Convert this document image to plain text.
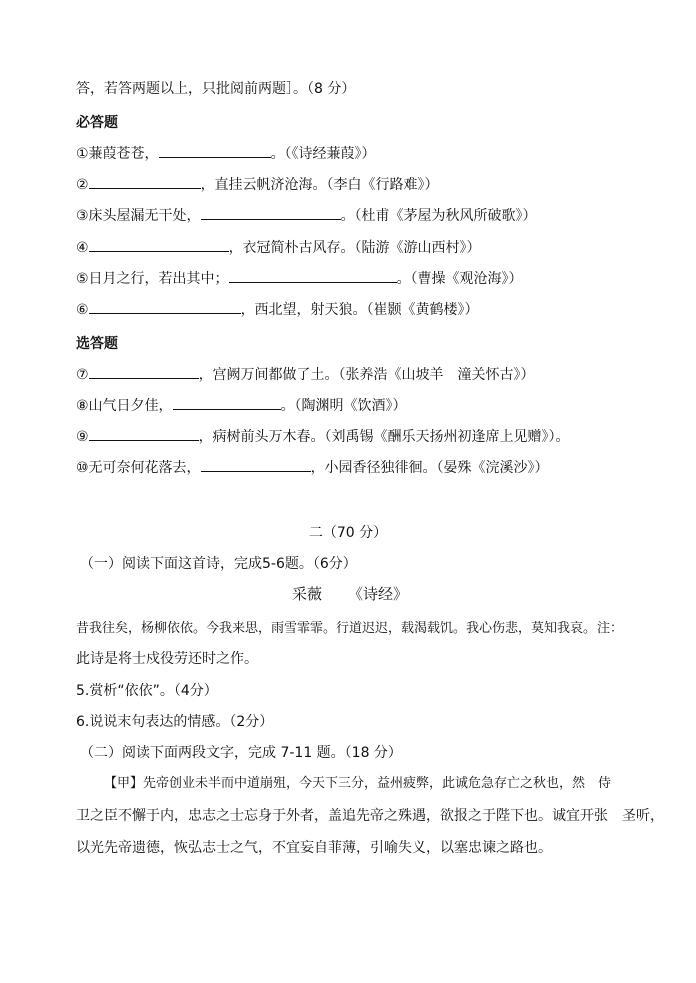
答，若答两题以上，只批阅前两题］。（8 分）
必答题
①蒹葭苍苍，	。（《诗经蒹葭》）
②	，直挂云帆济沧海。（李白《行路难》）
③床头屋漏无干处，	。（杜甫《茅屋为秋风所破歌》）
④	，衣冠简朴古风存。（陆游《游山西村》）
⑤日月之行，若出其中；	。（曹操《观沧海》）
⑥	，西北望，射天狼。（崔颢《黄鹤楼》）
选答题
⑦	，宫阙万间都做了土。（张养浩《山坡羊　潼关怀古》）
⑧山气日夕佳，	。（陶渊明《饮酒》）
⑨	，病树前头万木春。（刘禹锡《酬乐天扬州初逢席上见赠》）。
⑩无可奈何花落去，	，小园香径独徘徊。（晏殊《浣溪沙》）
二（70 分）
（一）阅读下面这首诗，完成5-6题。（6分）
采薇 《诗经》
昔我往矣，杨柳依依。今我来思，雨雪霏霏。行道迟迟，载渴载饥。我心伤悲，莫知我哀。 注：
此诗是将士戍役劳还时之作。
5.赏析“依依”。（4分）
6.说说末句表达的情感。（2分）
（二）阅读下面两段文字，完成 7-11 题。（18 分）
【甲】先帝创业未半而中道崩殂，今天下三分，益州疲弊，此诚危急存亡之秋也，然　侍
卫之臣不懈于内，忠志之士忘身于外者，盖追先帝之殊遇，欲报之于陛下也。诚宜开张　圣听，
以光先帝遗德，恢弘志士之气，不宜妄自菲薄，引喻失义，以塞忠谏之路也。
